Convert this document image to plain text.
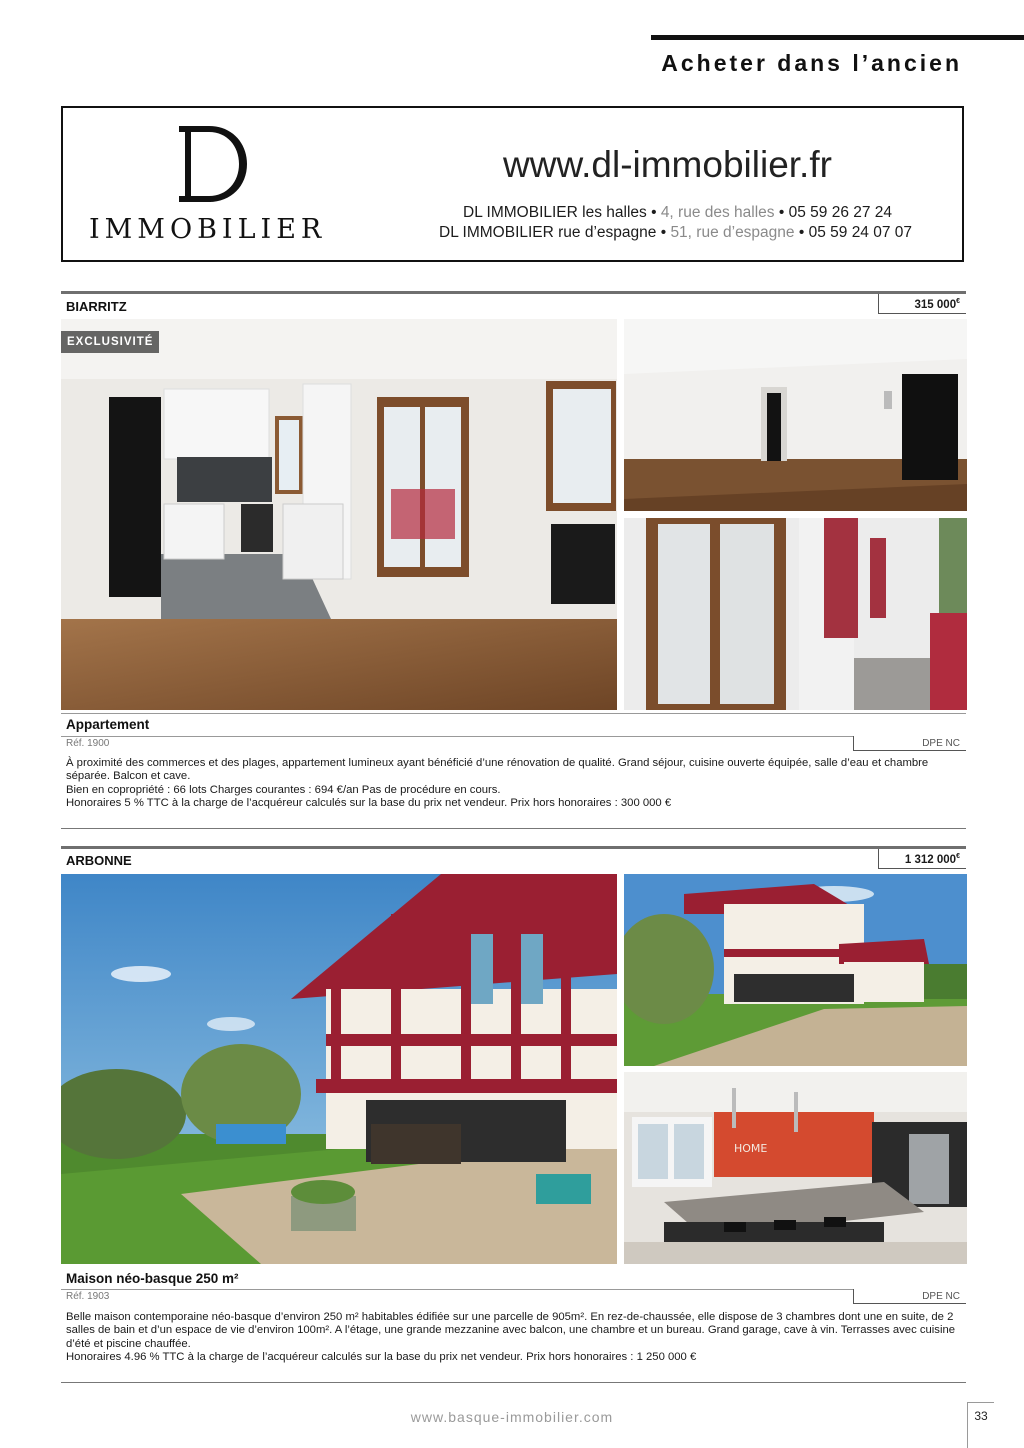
Acheter dans l’ancien
IMMOBILIER
www.dl-immobilier.fr
DL IMMOBILIER les halles • 4, rue des halles • 05 59 26 27 24
DL IMMOBILIER rue d’espagne • 51, rue d’espagne • 05 59 24 07 07
BIARRITZ	315 000€
EXCLUSIVITÉ
Appartement
Réf. 1900	DPE NC

À proximité des commerces et des plages, appartement lumineux ayant bénéficié d’une rénovation de qualité. Grand séjour, cuisine ouverte équipée, salle d’eau et chambre séparée. Balcon et cave.

Bien en copropriété : 66 lots Charges courantes : 694 €/an Pas de procédure en cours.

Honoraires 5 % TTC à la charge de l’acquéreur calculés sur la base du prix net vendeur. Prix hors honoraires : 300 000 €

ARBONNE	1 312 000€
HOME
Maison néo-basque 250 m²
Réf. 1903	DPE NC

Belle maison contemporaine néo-basque d’environ 250 m² habitables édifiée sur une parcelle de 905m². En rez-de-chaussée, elle dispose de 3 chambres dont une en suite, de 2 salles de bain et d’un espace de vie d’environ 100m². A l’étage, une grande mezzanine avec balcon, une chambre et un bureau. Grand garage, cave à vin. Terrasses avec cuisine d’été et piscine chauffée.

Honoraires 4.96 % TTC à la charge de l’acquéreur calculés sur la base du prix net vendeur. Prix hors honoraires : 1 250 000 €

www.basque-immobilier.com	33
